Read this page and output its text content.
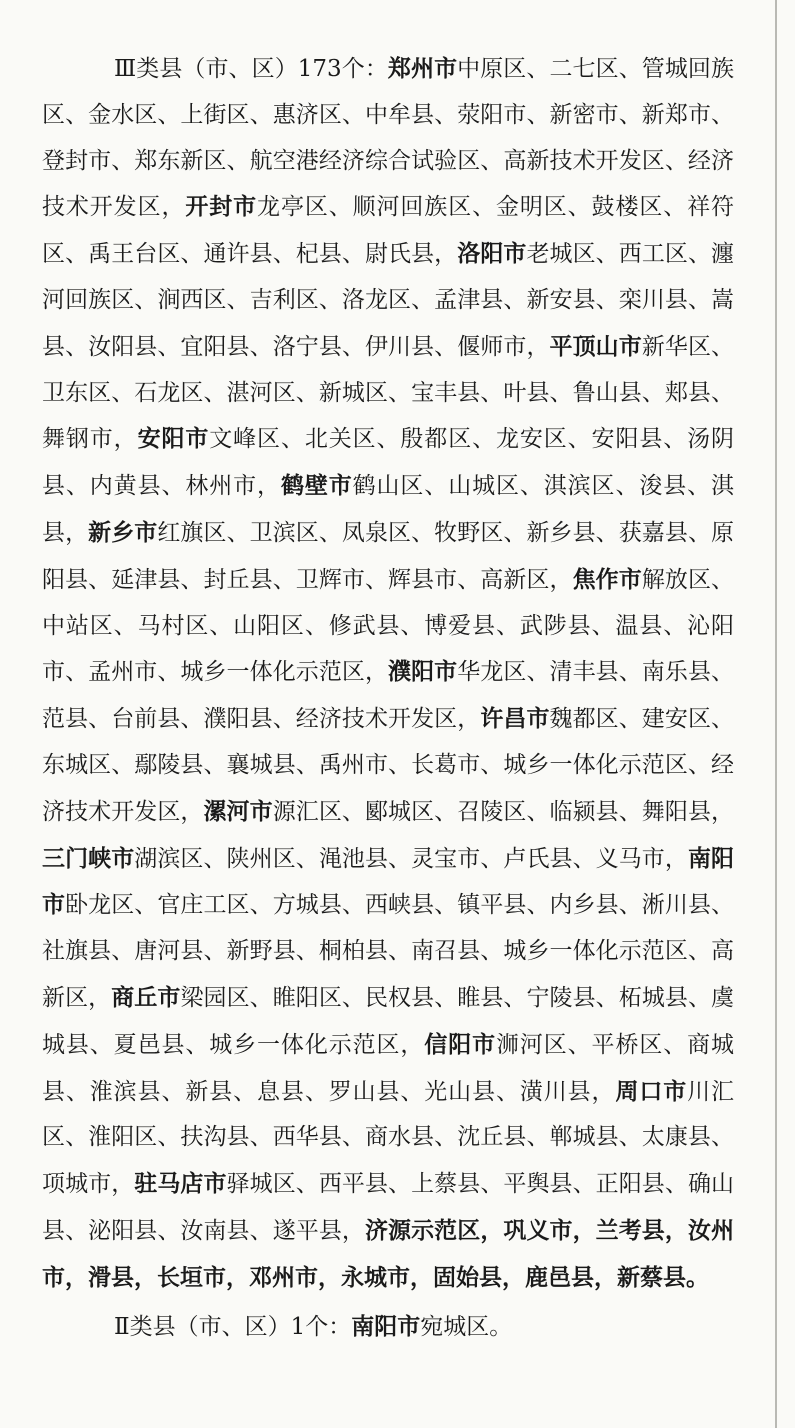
Ⅲ类县（市、区）173个：郑州市中原区、二七区、管城回族区、金水区、上街区、惠济区、中牟县、荥阳市、新密市、新郑市、登封市、郑东新区、航空港经济综合试验区、高新技术开发区、经济技术开发区，开封市龙亭区、顺河回族区、金明区、鼓楼区、祥符区、禹王台区、通许县、杞县、尉氏县，洛阳市老城区、西工区、瀍河回族区、涧西区、吉利区、洛龙区、孟津县、新安县、栾川县、嵩县、汝阳县、宜阳县、洛宁县、伊川县、偃师市，平顶山市新华区、卫东区、石龙区、湛河区、新城区、宝丰县、叶县、鲁山县、郏县、舞钢市，安阳市文峰区、北关区、殷都区、龙安区、安阳县、汤阴县、内黄县、林州市，鹤壁市鹤山区、山城区、淇滨区、浚县、淇县，新乡市红旗区、卫滨区、凤泉区、牧野区、新乡县、获嘉县、原阳县、延津县、封丘县、卫辉市、辉县市、高新区，焦作市解放区、中站区、马村区、山阳区、修武县、博爱县、武陟县、温县、沁阳市、孟州市、城乡一体化示范区，濮阳市华龙区、清丰县、南乐县、范县、台前县、濮阳县、经济技术开发区，许昌市魏都区、建安区、东城区、鄢陵县、襄城县、禹州市、长葛市、城乡一体化示范区、经济技术开发区，漯河市源汇区、郾城区、召陵区、临颍县、舞阳县，三门峡市湖滨区、陕州区、渑池县、灵宝市、卢氏县、义马市，南阳市卧龙区、官庄工区、方城县、西峡县、镇平县、内乡县、淅川县、社旗县、唐河县、新野县、桐柏县、南召县、城乡一体化示范区、高新区，商丘市梁园区、睢阳区、民权县、睢县、宁陵县、柘城县、虞城县、夏邑县、城乡一体化示范区，信阳市浉河区、平桥区、商城县、淮滨县、新县、息县、罗山县、光山县、潢川县，周口市川汇区、淮阳区、扶沟县、西华县、商水县、沈丘县、郸城县、太康县、项城市，驻马店市驿城区、西平县、上蔡县、平舆县、正阳县、确山县、泌阳县、汝南县、遂平县，济源示范区，巩义市，兰考县，汝州市，滑县，长垣市，邓州市，永城市，固始县，鹿邑县，新蔡县。

Ⅱ类县（市、区）1个：南阳市宛城区。
